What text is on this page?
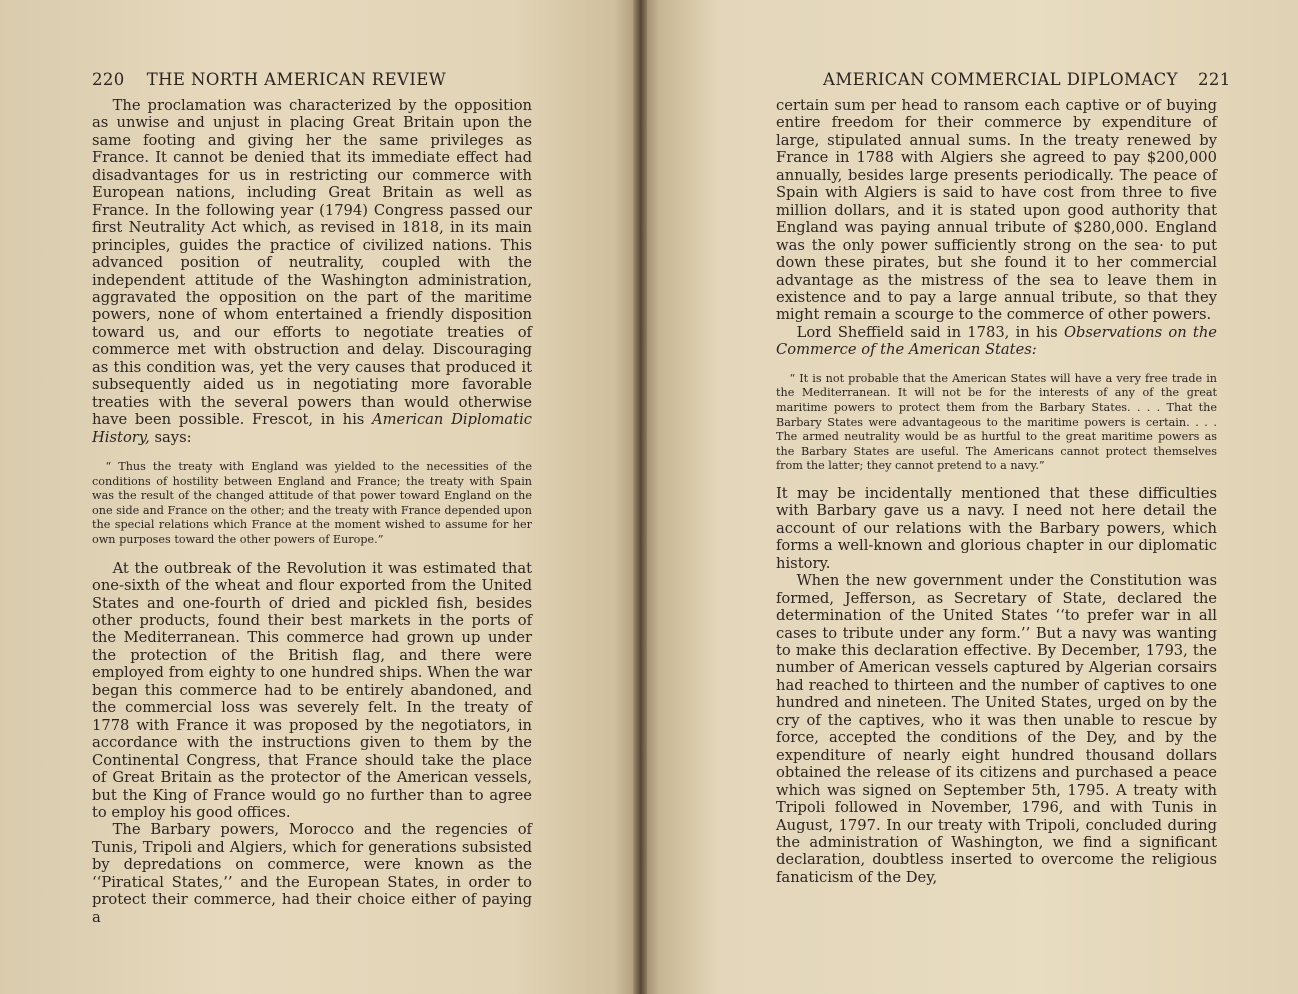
220 THE NORTH AMERICAN REVIEW

The proclamation was characterized by the opposition as unwise and unjust in placing Great Britain upon the same footing and giving her the same privileges as France. It cannot be denied that its immediate effect had disadvantages for us in restricting our commerce with European nations, including Great Britain as well as France. In the following year (1794) Congress passed our first Neutrality Act which, as revised in 1818, in its main principles, guides the practice of civilized nations. This advanced position of neutrality, coupled with the independent attitude of the Washington administration, aggravated the opposition on the part of the maritime powers, none of whom entertained a friendly disposition toward us, and our efforts to negotiate treaties of commerce met with obstruction and delay. Discouraging as this condition was, yet the very causes that produced it subsequently aided us in negotiating more favorable treaties with the several powers than would otherwise have been possible. Frescot, in his American Diplomatic History, says:

“ Thus the treaty with England was yielded to the necessities of the conditions of hostility between England and France; the treaty with Spain was the result of the changed attitude of that power toward England on the one side and France on the other; and the treaty with France depended upon the special relations which France at the moment wished to assume for her own purposes toward the other powers of Europe.”

At the outbreak of the Revolution it was estimated that one-sixth of the wheat and flour exported from the United States and one-fourth of dried and pickled fish, besides other products, found their best markets in the ports of the Mediterranean. This commerce had grown up under the protection of the British flag, and there were employed from eighty to one hundred ships. When the war began this commerce had to be entirely abandoned, and the commercial loss was severely felt. In the treaty of 1778 with France it was proposed by the negotiators, in accordance with the instructions given to them by the Continental Congress, that France should take the place of Great Britain as the protector of the American vessels, but the King of France would go no further than to agree to employ his good offices.

The Barbary powers, Morocco and the regencies of Tunis, Tripoli and Algiers, which for generations subsisted by depredations on commerce, were known as the ‘‘Piratical States,’’ and the European States, in order to protect their commerce, had their choice either of paying a

AMERICAN COMMERCIAL DIPLOMACY 221

certain sum per head to ransom each captive or of buying entire freedom for their commerce by expenditure of large, stipulated annual sums. In the treaty renewed by France in 1788 with Algiers she agreed to pay $200,000 annually, besides large presents periodically. The peace of Spain with Algiers is said to have cost from three to five million dollars, and it is stated upon good authority that England was paying annual tribute of $280,000. England was the only power sufficiently strong on the sea· to put down these pirates, but she found it to her commercial advantage as the mistress of the sea to leave them in existence and to pay a large annual tribute, so that they might remain a scourge to the commerce of other powers.

Lord Sheffield said in 1783, in his Observations on the Commerce of the American States:

“ It is not probable that the American States will have a very free trade in the Mediterranean. It will not be for the interests of any of the great maritime powers to protect them from the Barbary States. . . . That the Barbary States were advantageous to the maritime powers is certain. . . . The armed neutrality would be as hurtful to the great maritime powers as the Barbary States are useful. The Americans cannot protect themselves from the latter; they cannot pretend to a navy.”

It may be incidentally mentioned that these difficulties with Barbary gave us a navy. I need not here detail the account of our relations with the Barbary powers, which forms a well-known and glorious chapter in our diplomatic history.

When the new government under the Constitution was formed, Jefferson, as Secretary of State, declared the determination of the United States ‘‘to prefer war in all cases to tribute under any form.’’ But a navy was wanting to make this declaration effective. By December, 1793, the number of American vessels captured by Algerian corsairs had reached to thirteen and the number of captives to one hundred and nineteen. The United States, urged on by the cry of the captives, who it was then unable to rescue by force, accepted the conditions of the Dey, and by the expenditure of nearly eight hundred thousand dollars obtained the release of its citizens and purchased a peace which was signed on September 5th, 1795. A treaty with Tripoli followed in November, 1796, and with Tunis in August, 1797. In our treaty with Tripoli, concluded during the administration of Washington, we find a significant declaration, doubtless inserted to overcome the religious fanaticism of the Dey,
